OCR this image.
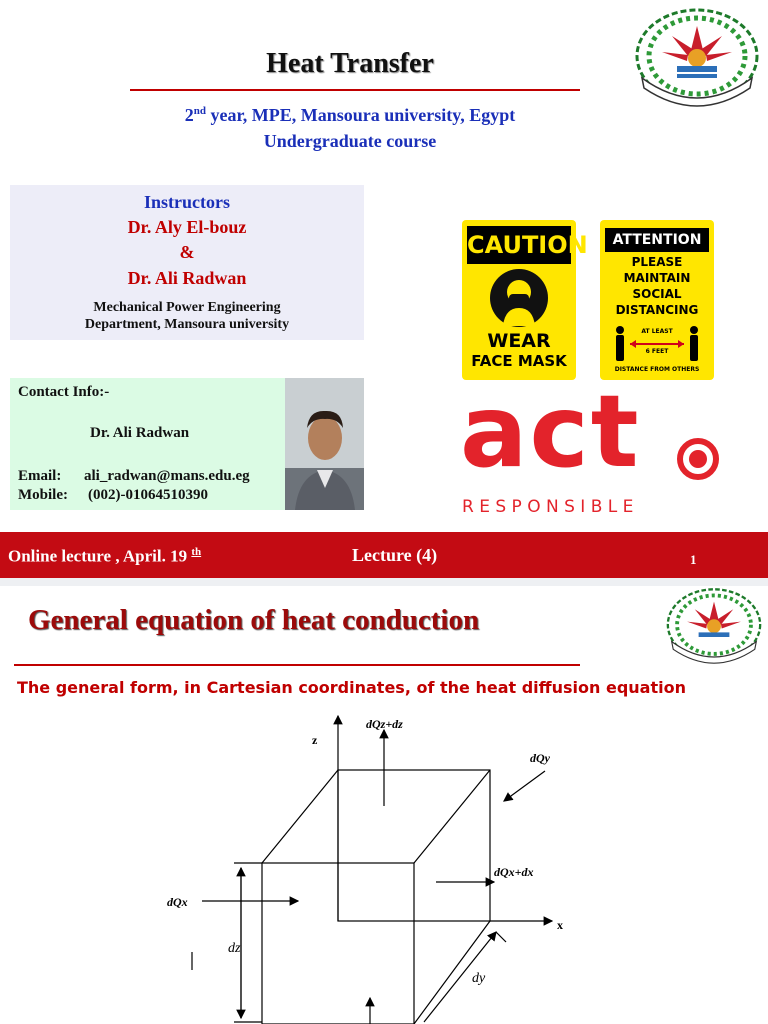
Heat Transfer
2nd year, MPE, Mansoura university, Egypt
Undergraduate course
Instructors
Dr. Aly El-bouz
&
Dr. Ali Radwan
Mechanical Power Engineering
Department, Mansoura university
Contact Info:-
Dr. Ali Radwan
Email: ali_radwan@mans.edu.eg
Mobile: (002)-01064510390
CAUTION
WEAR
FACE MASK
ATTENTION
PLEASE
MAINTAIN
SOCIAL
DISTANCING
AT LEAST
6 FEET
DISTANCE FROM OTHERS
act
R E S P O N S I B L E
Online lecture , April. 19 $^{th}$	Lecture (4)	1
General equation of heat conduction
The general form, in Cartesian coordinates, of the heat diffusion equation
z
x
dQz+dz
dQy
dQx+dx
dQx
dz
dy
